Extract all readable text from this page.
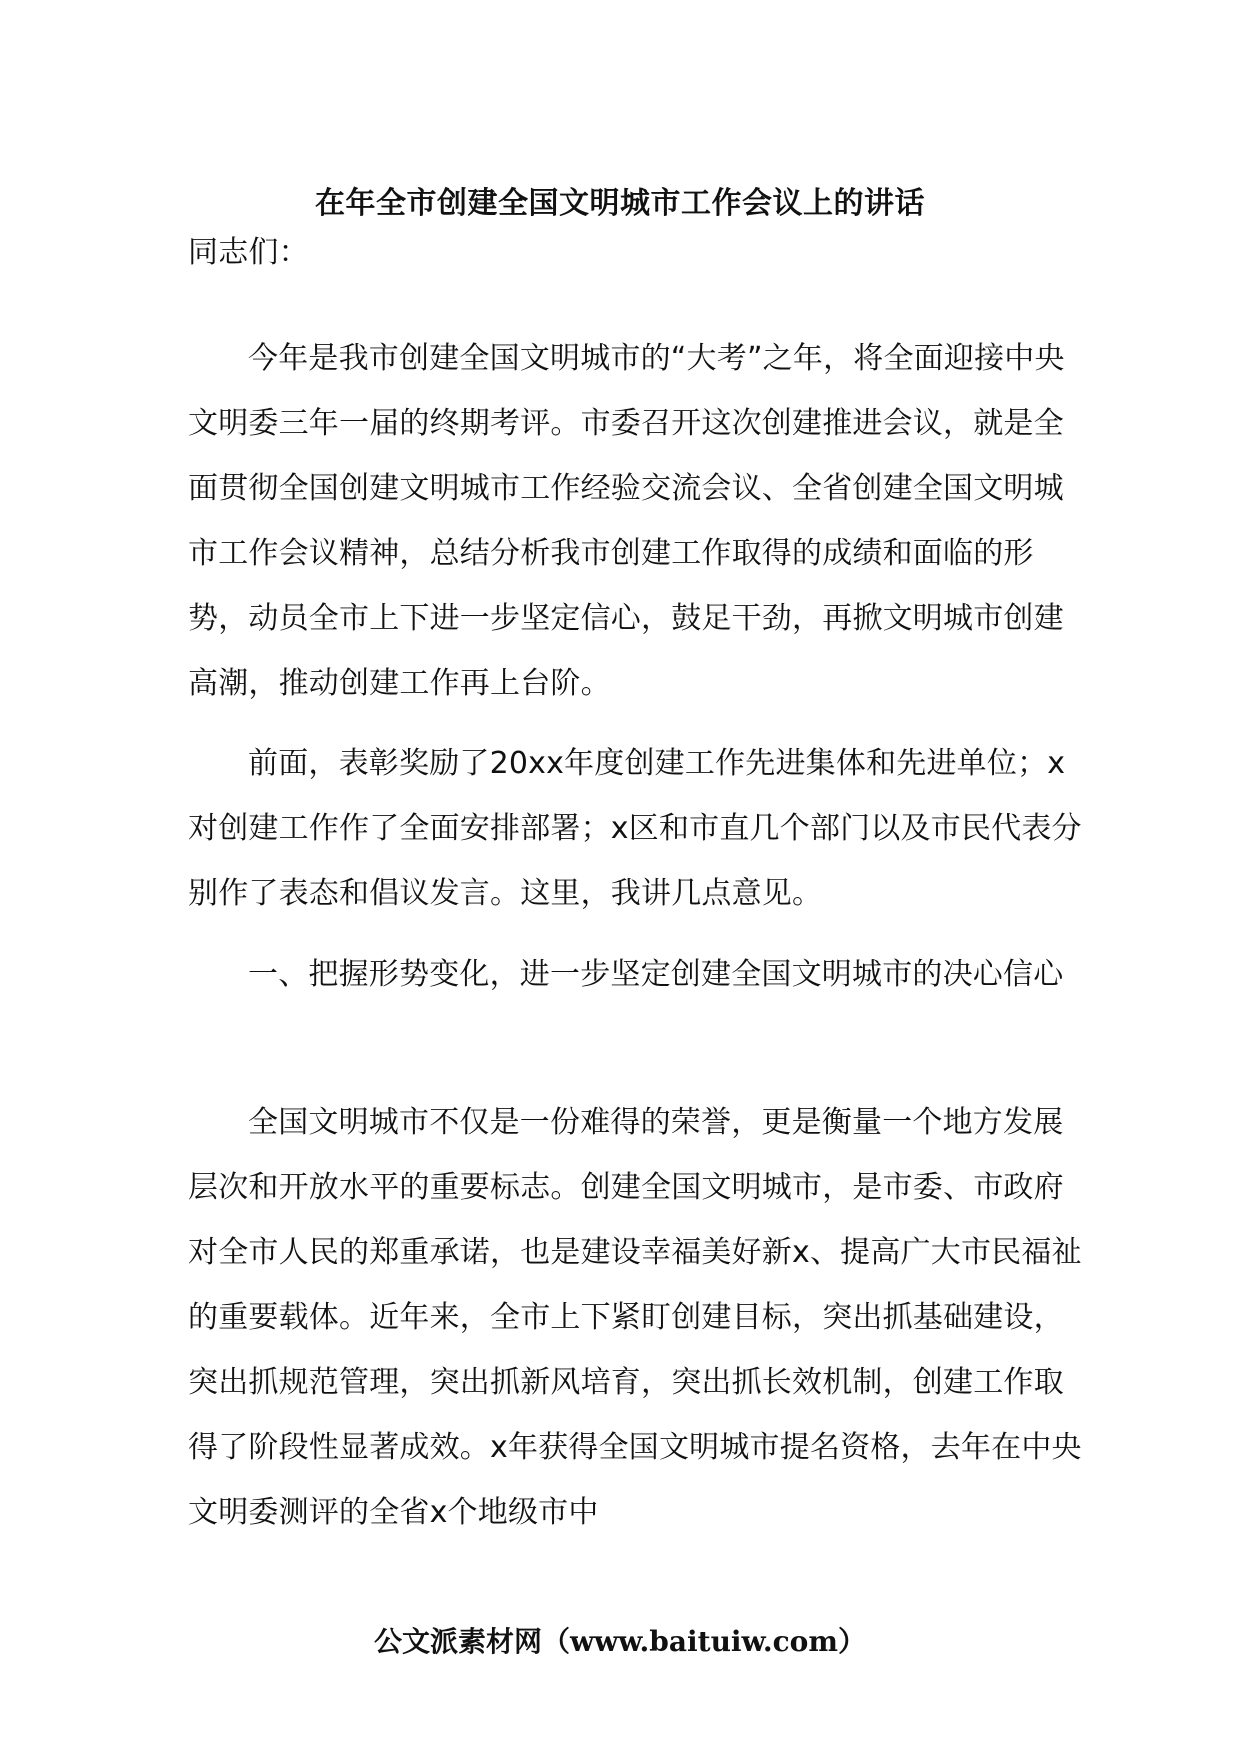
在年全市创建全国文明城市工作会议上的讲话
同志们：

今年是我市创建全国文明城市的“大考”之年，将全面迎接中央文明委三年一届的终期考评。市委召开这次创建推进会议，就是全面贯彻全国创建文明城市工作经验交流会议、全省创建全国文明城市工作会议精神，总结分析我市创建工作取得的成绩和面临的形势，动员全市上下进一步坚定信心，鼓足干劲，再掀文明城市创建高潮，推动创建工作再上台阶。

前面，表彰奖励了20xx年度创建工作先进集体和先进单位；x对创建工作作了全面安排部署；x区和市直几个部门以及市民代表分别作了表态和倡议发言。这里，我讲几点意见。

一、把握形势变化，进一步坚定创建全国文明城市的决心信心

全国文明城市不仅是一份难得的荣誉，更是衡量一个地方发展层次和开放水平的重要标志。创建全国文明城市，是市委、市政府对全市人民的郑重承诺，也是建设幸福美好新x、提高广大市民福祉的重要载体。近年来，全市上下紧盯创建目标，突出抓基础建设，突出抓规范管理，突出抓新风培育，突出抓长效机制，创建工作取得了阶段性显著成效。x年获得全国文明城市提名资格，去年在中央文明委测评的全省x个地级市中

公文派素材网（www.baituiw.com）
